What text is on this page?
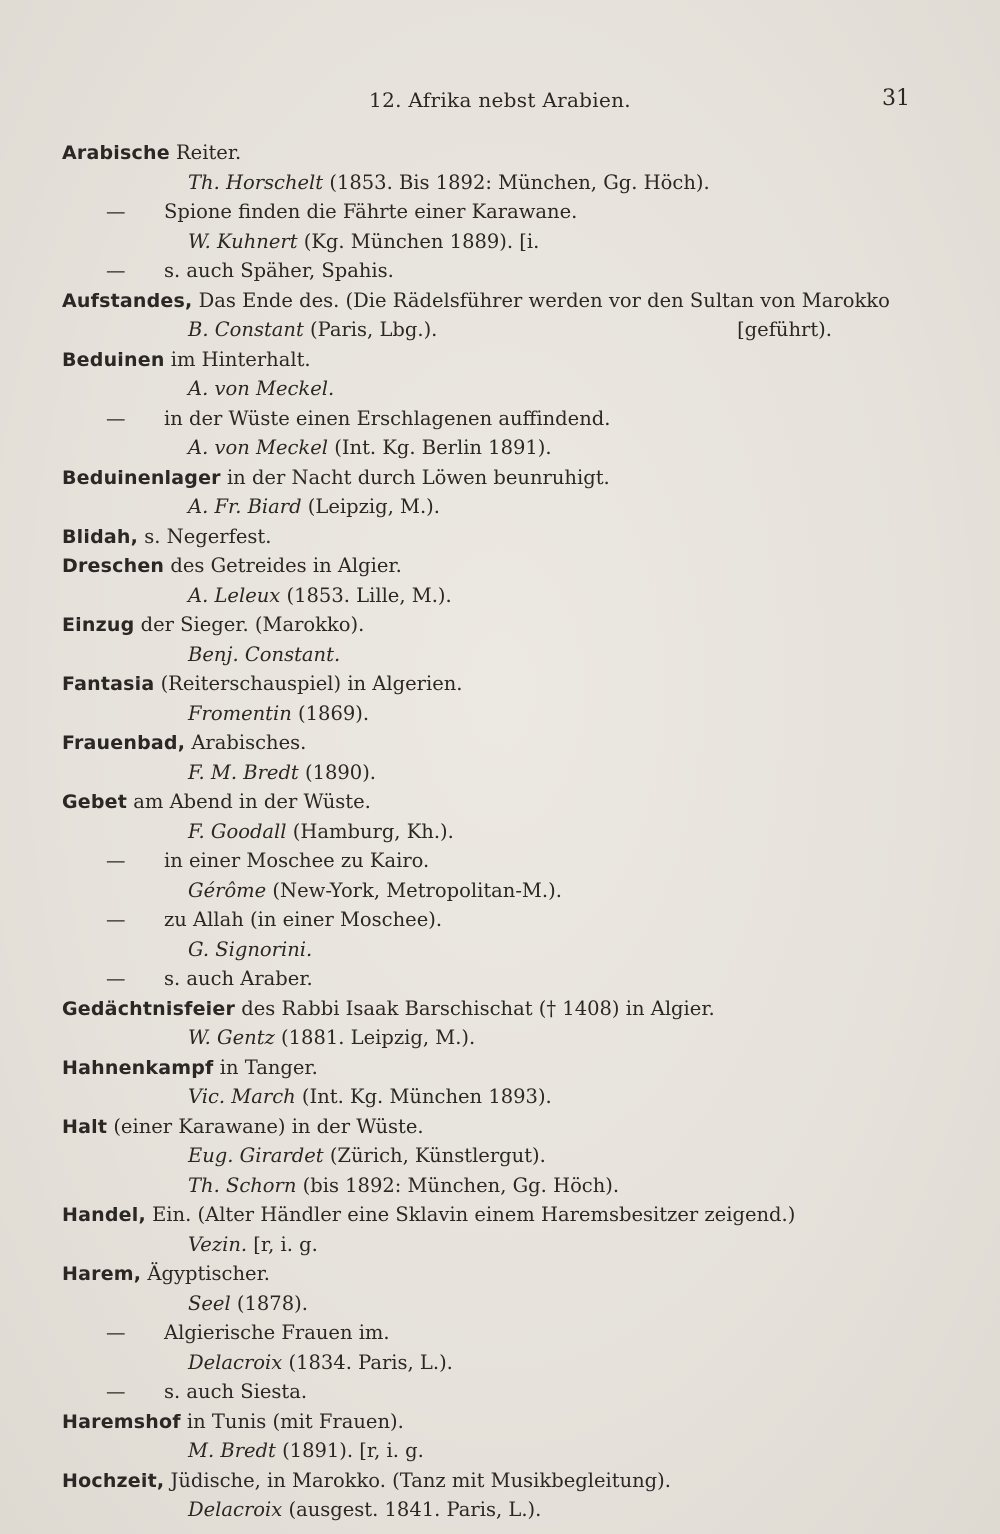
12. Afrika nebst Arabien.	31
Arabische Reiter.
Th. Horschelt (1853. Bis 1892: München, Gg. Höch).
— Spione finden die Fährte einer Karawane.
W. Kuhnert (Kg. München 1889). [i.
— s. auch Späher, Spahis.
Aufstandes, Das Ende des. (Die Rädelsführer werden vor den Sultan von Marokko
B. Constant (Paris, Lbg.).	[geführt).
Beduinen im Hinterhalt.
A. von Meckel.
— in der Wüste einen Erschlagenen auffindend.
A. von Meckel (Int. Kg. Berlin 1891).
Beduinenlager in der Nacht durch Löwen beunruhigt.
A. Fr. Biard (Leipzig, M.).
Blidah, s. Negerfest.
Dreschen des Getreides in Algier.
A. Leleux (1853. Lille, M.).
Einzug der Sieger. (Marokko).
Benj. Constant.
Fantasia (Reiterschauspiel) in Algerien.
Fromentin (1869).
Frauenbad, Arabisches.
F. M. Bredt (1890).
Gebet am Abend in der Wüste.
F. Goodall (Hamburg, Kh.).
— in einer Moschee zu Kairo.
Gérôme (New-York, Metropolitan-M.).
— zu Allah (in einer Moschee).
G. Signorini.
— s. auch Araber.
Gedächtnisfeier des Rabbi Isaak Barschischat († 1408) in Algier.
W. Gentz (1881. Leipzig, M.).
Hahnenkampf in Tanger.
Vic. March (Int. Kg. München 1893).
Halt (einer Karawane) in der Wüste.
Eug. Girardet (Zürich, Künstlergut).
Th. Schorn (bis 1892: München, Gg. Höch).
Handel, Ein. (Alter Händler eine Sklavin einem Haremsbesitzer zeigend.)
Vezin. [r, i. g.
Harem, Ägyptischer.
Seel (1878).
— Algierische Frauen im.
Delacroix (1834. Paris, L.).
— s. auch Siesta.
Haremshof in Tunis (mit Frauen).
M. Bredt (1891). [r, i. g.
Hochzeit, Jüdische, in Marokko. (Tanz mit Musikbegleitung).
Delacroix (ausgest. 1841. Paris, L.).
